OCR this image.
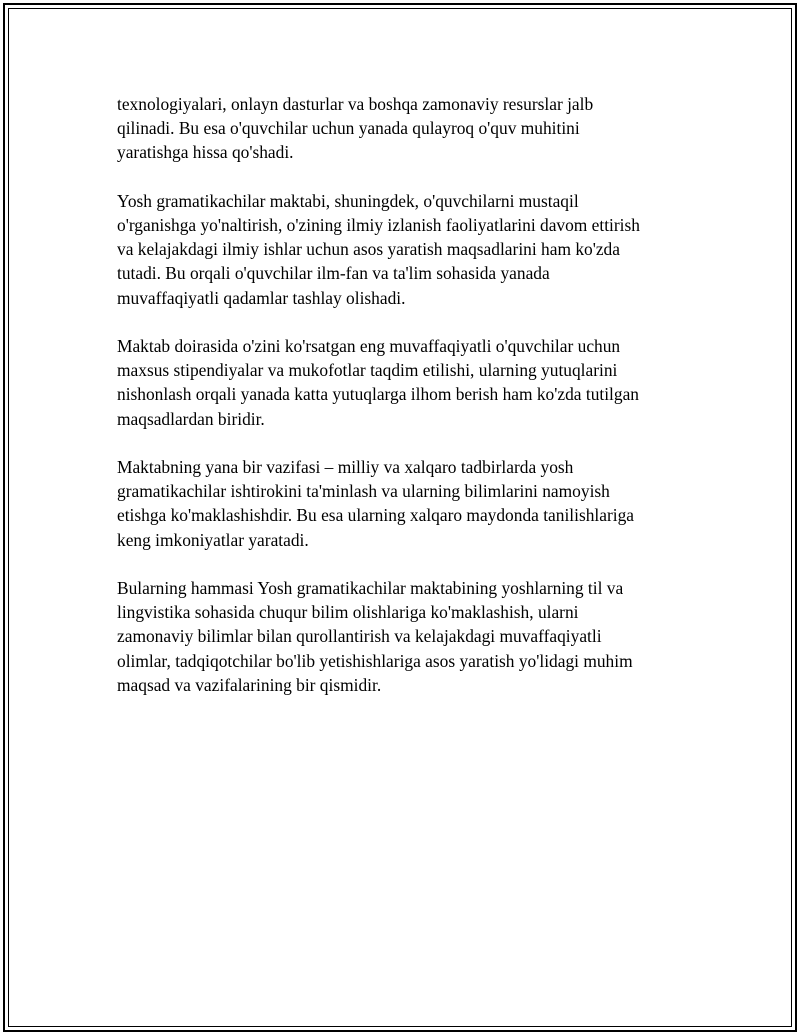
texnologiyalari, onlayn dasturlar va boshqa zamonaviy resurslar jalb
qilinadi. Bu esa o'quvchilar uchun yanada qulayroq o'quv muhitini
yaratishga hissa qo'shadi.

Yosh gramatikachilar maktabi, shuningdek, o'quvchilarni mustaqil
o'rganishga yo'naltirish, o'zining ilmiy izlanish faoliyatlarini davom ettirish
va kelajakdagi ilmiy ishlar uchun asos yaratish maqsadlarini ham ko'zda
tutadi. Bu orqali o'quvchilar ilm-fan va ta'lim sohasida yanada
muvaffaqiyatli qadamlar tashlay olishadi.

Maktab doirasida o'zini ko'rsatgan eng muvaffaqiyatli o'quvchilar uchun
maxsus stipendiyalar va mukofotlar taqdim etilishi, ularning yutuqlarini
nishonlash orqali yanada katta yutuqlarga ilhom berish ham ko'zda tutilgan
maqsadlardan biridir.

Maktabning yana bir vazifasi – milliy va xalqaro tadbirlarda yosh
gramatikachilar ishtirokini ta'minlash va ularning bilimlarini namoyish
etishga ko'maklashishdir. Bu esa ularning xalqaro maydonda tanilishlariga
keng imkoniyatlar yaratadi.

Bularning hammasi Yosh gramatikachilar maktabining yoshlarning til va
lingvistika sohasida chuqur bilim olishlariga ko'maklashish, ularni
zamonaviy bilimlar bilan qurollantirish va kelajakdagi muvaffaqiyatli
olimlar, tadqiqotchilar bo'lib yetishishlariga asos yaratish yo'lidagi muhim
maqsad va vazifalarining bir qismidir.
